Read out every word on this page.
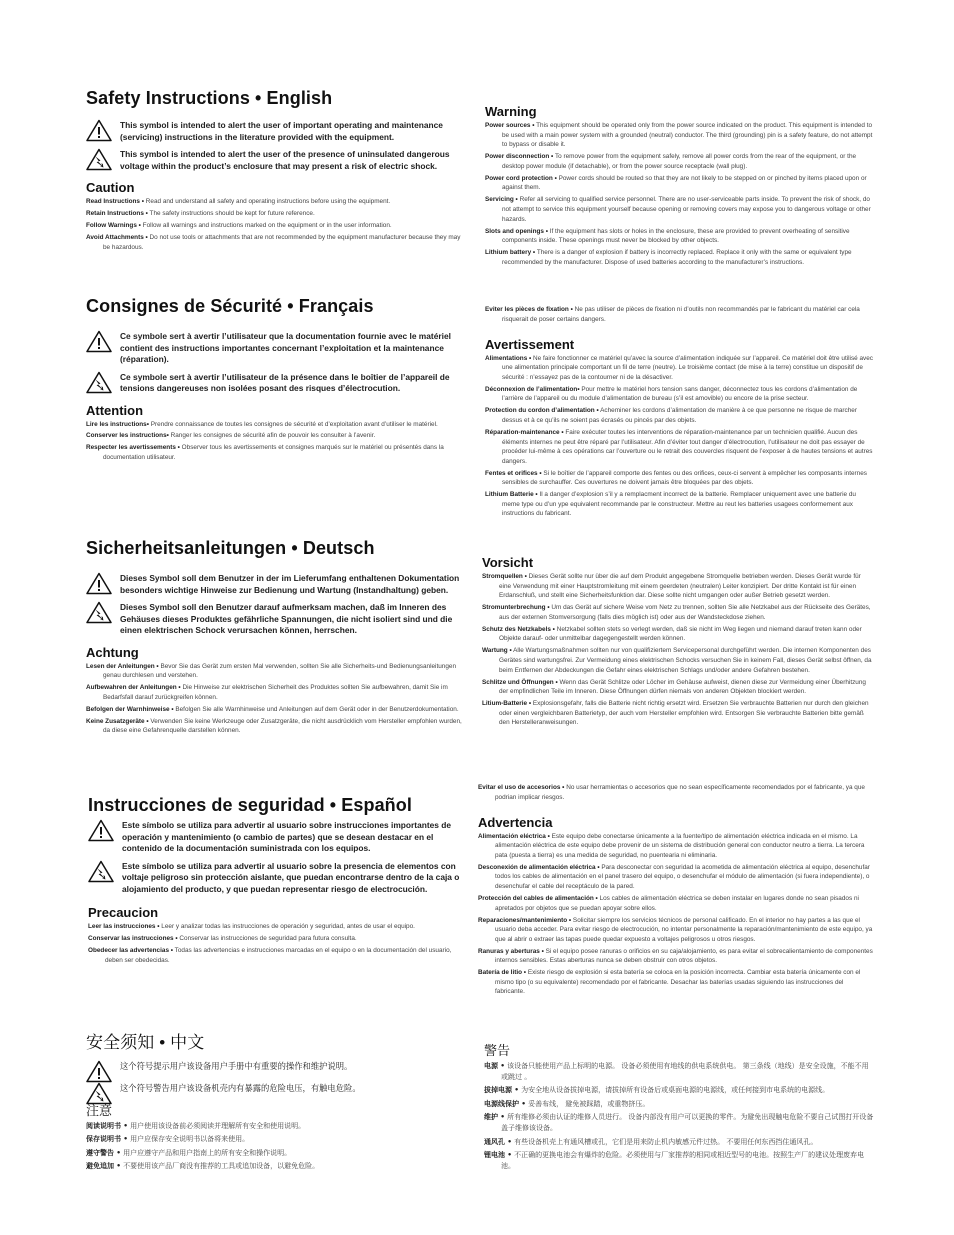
Safety Instructions • English
This symbol is intended to alert the user of important operating and maintenance (servicing) instructions in the literature provided with the equipment.
This symbol is intended to alert the user of the presence of uninsulated dangerous voltage within the product’s enclosure that may present a risk of electric shock.
Caution
Read Instructions • Read and understand all safety and operating instructions before using the equipment.
Retain Instructions • The safety instructions should be kept for future reference.
Follow Warnings • Follow all warnings and instructions marked on the equipment or in the user information.
Avoid Attachments • Do not use tools or attachments that are not recommended by the equipment manufacturer because they may be hazardous.
Consignes de Sécurité • Français
Ce symbole sert à avertir l’utilisateur que la documentation fournie avec le matériel contient des instructions importantes concernant l’exploitation et la maintenance (réparation).
Ce symbole sert à avertir l’utilisateur de la présence dans le boîtier de l’appareil de tensions dangereuses non isolées posant des risques d’électrocution.
Attention
Lire les instructions• Prendre connaissance de toutes les consignes de sécurité et d’exploitation avant d’utiliser le matériel.
Conserver les instructions• Ranger les consignes de sécurité afin de pouvoir les consulter à l’avenir.
Respecter les avertissements • Observer tous les avertissements et consignes marqués sur le matériel ou présentés dans la documentation utilisateur.
Sicherheitsanleitungen • Deutsch
Dieses Symbol soll dem Benutzer in der im Lieferumfang enthaltenen Dokumentation besonders wichtige Hinweise zur Bedienung und Wartung (Instandhaltung) geben.
Dieses Symbol soll den Benutzer darauf aufmerksam machen, daß im Inneren des Gehäuses dieses Produktes gefährliche Spannungen, die nicht isoliert sind und die einen elektrischen Schock verursachen können, herrschen.
Achtung
Lesen der Anleitungen • Bevor Sie das Gerät zum ersten Mal verwenden, sollten Sie alle Sicherheits-und Bedienungsanleitungen genau durchlesen und verstehen.
Aufbewahren der Anleitungen • Die Hinweise zur elektrischen Sicherheit des Produktes sollten Sie aufbewahren, damit Sie im Bedarfsfall darauf zurückgreifen können.
Befolgen der Warnhinweise • Befolgen Sie alle Warnhinweise und Anleitungen auf dem Gerät oder in der Benutzerdokumentation.
Keine Zusatzgeräte • Verwenden Sie keine Werkzeuge oder Zusatzgeräte, die nicht ausdrücklich vom Hersteller empfohlen wurden, da diese eine Gefahrenquelle darstellen können.
Instrucciones de seguridad • Español
Este símbolo se utiliza para advertir al usuario sobre instrucciones importantes de operación y mantenimiento (o cambio de partes) que se desean destacar en el contenido de la documentación suministrada con los equipos.
Este símbolo se utiliza para advertir al usuario sobre la presencia de elementos con voltaje peligroso sin protección aislante, que puedan encontrarse dentro de la caja o alojamiento del producto, y que puedan representar riesgo de electrocución.
Precaucion
Leer las instrucciones • Leer y analizar todas las instrucciones de operación y seguridad, antes de usar el equipo.
Conservar las instrucciones • Conservar las instrucciones de seguridad para futura consulta.
Obedecer las advertencias • Todas las advertencias e instrucciones marcadas en el equipo o en la documentación del usuario, deben ser obedecidas.
安全须知 • 中文
这个符号提示用户该设备用户手册中有重要的操作和维护说明。
这个符号警告用户该设备机壳内有暴露的危险电压，有触电危险。
注意
阅读说明书 • 用户使用该设备前必须阅读并理解所有安全和使用说明。
保存说明书 • 用户应保存安全说明书以备将来使用。
遵守警告 • 用户应遵守产品和用户指南上的所有安全和操作说明。
避免追加 • 不要使用该产品厂商没有推荐的工具或追加设备，以避免危险。
Warning
Power sources • This equipment should be operated only from the power source indicated on the product. This equipment is intended to be used with a main power system with a grounded (neutral) conductor. The third (grounding) pin is a safety feature, do not attempt to bypass or disable it.
Power disconnection • To remove power from the equipment safely, remove all power cords from the rear of the equipment, or the desktop power module (if detachable), or from the power source receptacle (wall plug).
Power cord protection • Power cords should be routed so that they are not likely to be stepped on or pinched by items placed upon or against them.
Servicing • Refer all servicing to qualified service personnel. There are no user-serviceable parts inside. To prevent the risk of shock, do not attempt to service this equipment yourself because opening or removing covers may expose you to dangerous voltage or other hazards.
Slots and openings • If the equipment has slots or holes in the enclosure, these are provided to prevent overheating of sensitive components inside. These openings must never be blocked by other objects.
Lithium battery • There is a danger of explosion if battery is incorrectly replaced. Replace it only with the same or equivalent type recommended by the manufacturer. Dispose of used batteries according to the manufacturer’s instructions.
Eviter les pièces de fixation • Ne pas utiliser de pièces de fixation ni d’outils non recommandés par le fabricant du matériel car cela risquerait de poser certains dangers.
Avertissement
Alimentations • Ne faire fonctionner ce matériel qu’avec la source d’alimentation indiquée sur l’appareil. Ce matériel doit être utilisé avec une alimentation principale comportant un fil de terre (neutre). Le troisième contact (de mise à la terre) constitue un dispositif de sécurité : n’essayez pas de la contourner ni de la désactiver.
Déconnexion de l’alimentation• Pour mettre le matériel hors tension sans danger, déconnectez tous les cordons d’alimentation de l’arrière de l’appareil ou du module d’alimentation de bureau (s’il est amovible) ou encore de la prise secteur.
Protection du cordon d’alimentation • Acheminer les cordons d’alimentation de manière à ce que personne ne risque de marcher dessus et à ce qu’ils ne soient pas écrasés ou pincés par des objets.
Réparation-maintenance • Faire exécuter toutes les interventions de réparation-maintenance par un technicien qualifié. Aucun des éléments internes ne peut être réparé par l’utilisateur. Afin d’éviter tout danger d’électrocution, l’utilisateur ne doit pas essayer de procéder lui-même à ces opérations car l’ouverture ou le retrait des couvercles risquent de l’exposer à de hautes tensions et autres dangers.
Fentes et orifices • Si le boîtier de l’appareil comporte des fentes ou des orifices, ceux-ci servent à empêcher les composants internes sensibles de surchauffer. Ces ouvertures ne doivent jamais être bloquées par des objets.
Lithium Batterie • Il a danger d’explosion s’il y a remplacment incorrect de la batterie. Remplacer uniquement avec une batterie du meme type ou d’un ype equivalent recommande par le constructeur. Mettre au reut les batteries usagees conformement aux instructions du fabricant.
Vorsicht
Stromquellen • Dieses Gerät sollte nur über die auf dem Produkt angegebene Stromquelle betrieben werden. Dieses Gerät wurde für eine Verwendung mit einer Hauptstromleitung mit einem geerdeten (neutralen) Leiter konzipiert. Der dritte Kontakt ist für einen Erdanschluß, und stellt eine Sicherheitsfunktion dar. Diese sollte nicht umgangen oder außer Betrieb gesetzt werden.
Stromunterbrechung • Um das Gerät auf sichere Weise vom Netz zu trennen, sollten Sie alle Netzkabel aus der Rückseite des Gerätes, aus der externen Stomversorgung (falls dies möglich ist) oder aus der Wandsteckdose ziehen.
Schutz des Netzkabels • Netzkabel sollten stets so verlegt werden, daß sie nicht im Weg liegen und niemand darauf treten kann oder Objekte darauf- oder unmittelbar dagegengestellt werden können.
Wartung • Alle Wartungsmaßnahmen sollten nur von qualifiziertem Servicepersonal durchgeführt werden. Die internen Komponenten des Gerätes sind wartungsfrei. Zur Vermeidung eines elektrischen Schocks versuchen Sie in keinem Fall, dieses Gerät selbst öffnen, da beim Entfernen der Abdeckungen die Gefahr eines elektrischen Schlags und/oder andere Gefahren bestehen.
Schlitze und Öffnungen • Wenn das Gerät Schlitze oder Löcher im Gehäuse aufweist, dienen diese zur Vermeidung einer Überhitzung der empfindlichen Teile im Inneren. Diese Öffnungen dürfen niemals von anderen Objekten blockiert werden.
Litium-Batterie • Explosionsgefahr, falls die Batterie nicht richtig ersetzt wird. Ersetzen Sie verbrauchte Batterien nur durch den gleichen oder einen vergleichbaren Batterietyp, der auch vom Hersteller empfohlen wird. Entsorgen Sie verbrauchte Batterien bitte gemäß den Herstelleranweisungen.
Evitar el uso de accesorios • No usar herramientas o accesorios que no sean específicamente recomendados por el fabricante, ya que podrian implicar riesgos.
Advertencia
Alimentación eléctrica • Este equipo debe conectarse únicamente a la fuente/tipo de alimentación eléctrica indicada en el mismo. La alimentación eléctrica de este equipo debe provenir de un sistema de distribución general con conductor neutro a tierra. La tercera pata (puesta a tierra) es una medida de seguridad, no puentearia ni eliminaria.
Desconexión de alimentación eléctrica • Para desconectar con seguridad la acometida de alimentación eléctrica al equipo, desenchufar todos los cables de alimentación en el panel trasero del equipo, o desenchufar el módulo de alimentación (si fuera independiente), o desenchufar el cable del receptáculo de la pared.
Protección del cables de alimentación • Los cables de alimentación eléctrica se deben instalar en lugares donde no sean pisados ni apretados por objetos que se puedan apoyar sobre ellos.
Reparaciones/mantenimiento • Solicitar siempre los servicios técnicos de personal calificado. En el interior no hay partes a las que el usuario deba acceder. Para evitar riesgo de electrocución, no intentar personalmente la reparación/mantenimiento de este equipo, ya que al abrir o extraer las tapas puede quedar expuesto a voltajes peligrosos u otros riesgos.
Ranuras y aberturas • Si el equipo posee ranuras o orificios en su caja/alojamiento, es para evitar el sobrecalientamiento de componentes internos sensibles. Estas aberturas nunca se deben obstruir con otros objetos.
Batería de litio • Existe riesgo de explosión si esta batería se coloca en la posición incorrecta. Cambiar esta batería únicamente con el mismo tipo (o su equivalente) recomendado por el fabricante. Desachar las baterías usadas siguiendo las instrucciones del fabricante.
警告
电源 • 该设备只能使用产品上标明的电源。 设备必须使用有地线的供电系统供电。 第三条线（地线）是安全设施，不能不用或跳过 。
拔掉电源 • 为安全地从设备拔掉电源，请拔掉所有设备后或桌面电源的电源线，或任何接到市电系统的电源线。
电源线保护 • 妥善布线， 避免被踩踏，或重物挤压。
维护 • 所有维修必须由认证的维修人员进行。 设备内部没有用户可以更换的零件。为避免出现触电危险不要自己试图打开设备盖子维修该设备。
通风孔 • 有些设备机壳上有通风槽或孔，它们是用来防止机内敏感元件过热。 不要用任何东西挡住通风孔。
锂电池 • 不正确的更换电池会有爆炸的危险。必须使用与厂家推荐的相同或相近型号的电池。按照生产厂的建议处理废弃电池。
